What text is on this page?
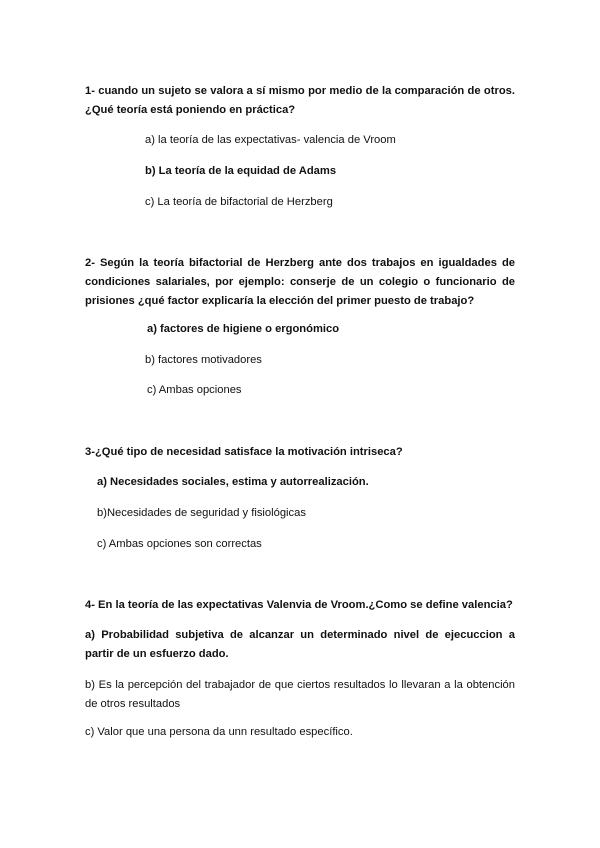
1- cuando un sujeto se valora a sí mismo por medio de la comparación de otros. ¿Qué teoría está poniendo en práctica?
a) la teoría de las expectativas- valencia de Vroom
b) La teoría de la equidad de Adams
c) La teoría de bifactorial de Herzberg
2- Según la teoría bifactorial de Herzberg ante dos trabajos en igualdades de condiciones salariales, por ejemplo: conserje de un colegio o funcionario de prisiones ¿qué factor explicaría la elección del primer puesto de trabajo?
a) factores de higiene o ergonómico
b) factores motivadores
c) Ambas opciones
3-¿Qué tipo de necesidad satisface la motivación intriseca?
a) Necesidades sociales, estima y autorrealización.
b)Necesidades de seguridad y fisiológicas
c) Ambas opciones son correctas
4- En la teoría de las expectativas Valenvia de Vroom.¿Como se define valencia?
a) Probabilidad subjetiva de alcanzar un determinado nivel de ejecuccion a partir de un esfuerzo dado.
b) Es la percepción del trabajador de que ciertos resultados lo llevaran a la obtención de otros resultados
c) Valor que una persona da unn resultado específico.
